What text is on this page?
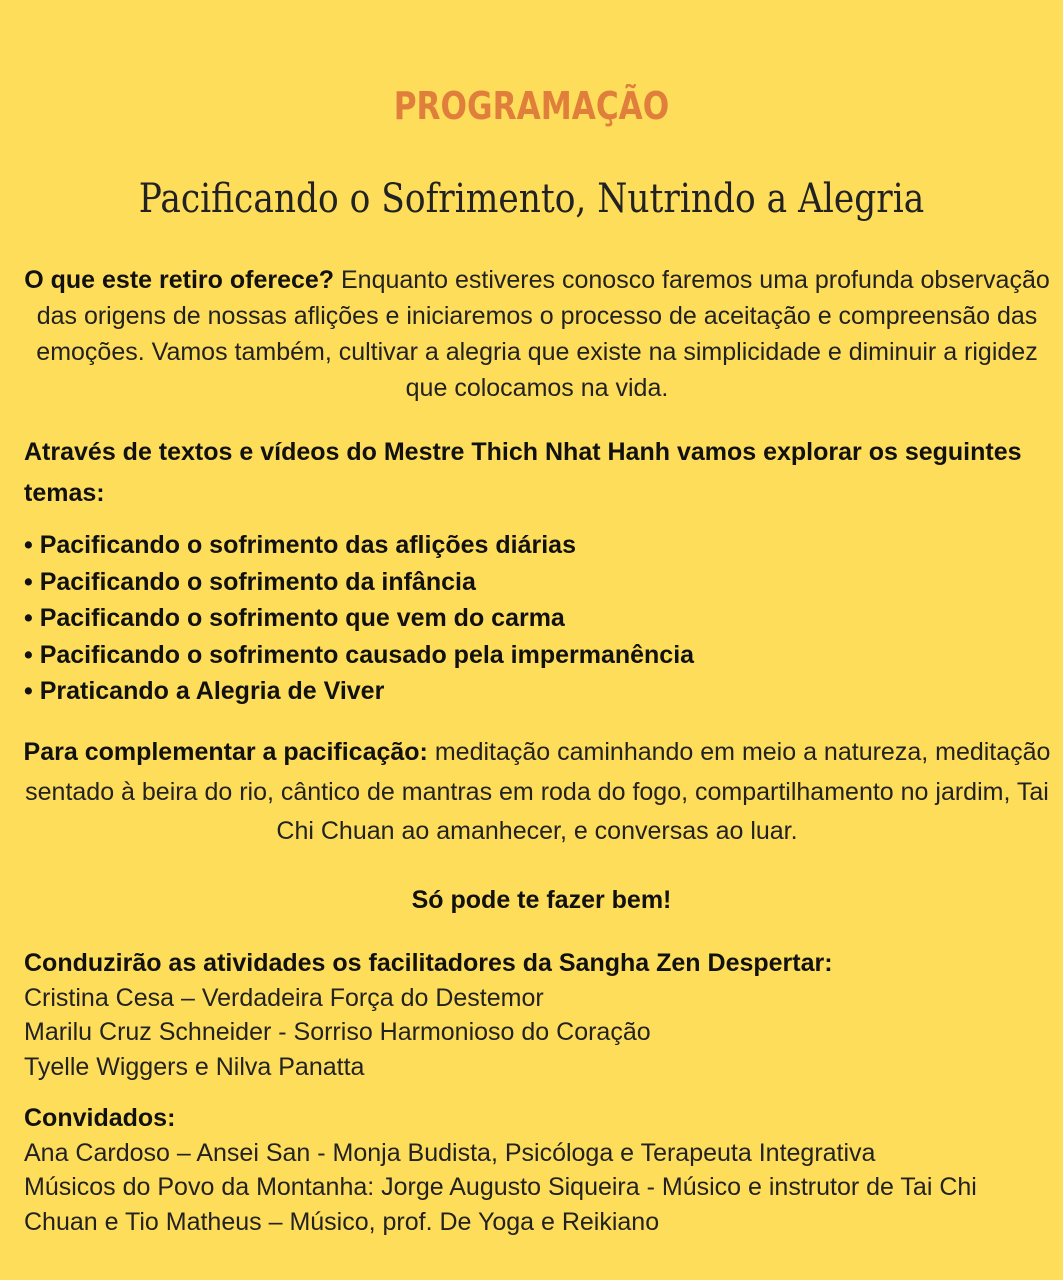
PROGRAMAÇÃO
Pacificando o Sofrimento, Nutrindo a Alegria

O que este retiro oferece? Enquanto estiveres conosco faremos uma profunda observação das origens de nossas aflições e iniciaremos o processo de aceitação e compreensão das emoções. Vamos também, cultivar a alegria que existe na simplicidade e diminuir a rigidez que colocamos na vida.

Através de textos e vídeos do Mestre Thich Nhat Hanh vamos explorar os seguintes temas:
• Pacificando o sofrimento das aflições diárias
• Pacificando o sofrimento da infância
• Pacificando o sofrimento que vem do carma
• Pacificando o sofrimento causado pela impermanência
• Praticando a Alegria de Viver

Para complementar a pacificação: meditação caminhando em meio a natureza, meditação sentado à beira do rio, cântico de mantras em roda do fogo, compartilhamento no jardim, Tai Chi Chuan ao amanhecer, e conversas ao luar.

Só pode te fazer bem!
Conduzirão as atividades os facilitadores da Sangha Zen Despertar:
Cristina Cesa – Verdadeira Força do Destemor
Marilu Cruz Schneider - Sorriso Harmonioso do Coração
Tyelle Wiggers e Nilva Panatta
Convidados:
Ana Cardoso – Ansei San - Monja Budista, Psicóloga e Terapeuta Integrativa
Músicos do Povo da Montanha: Jorge Augusto Siqueira - Músico e instrutor de Tai Chi Chuan e Tio Matheus – Músico, prof. De Yoga e Reikiano
